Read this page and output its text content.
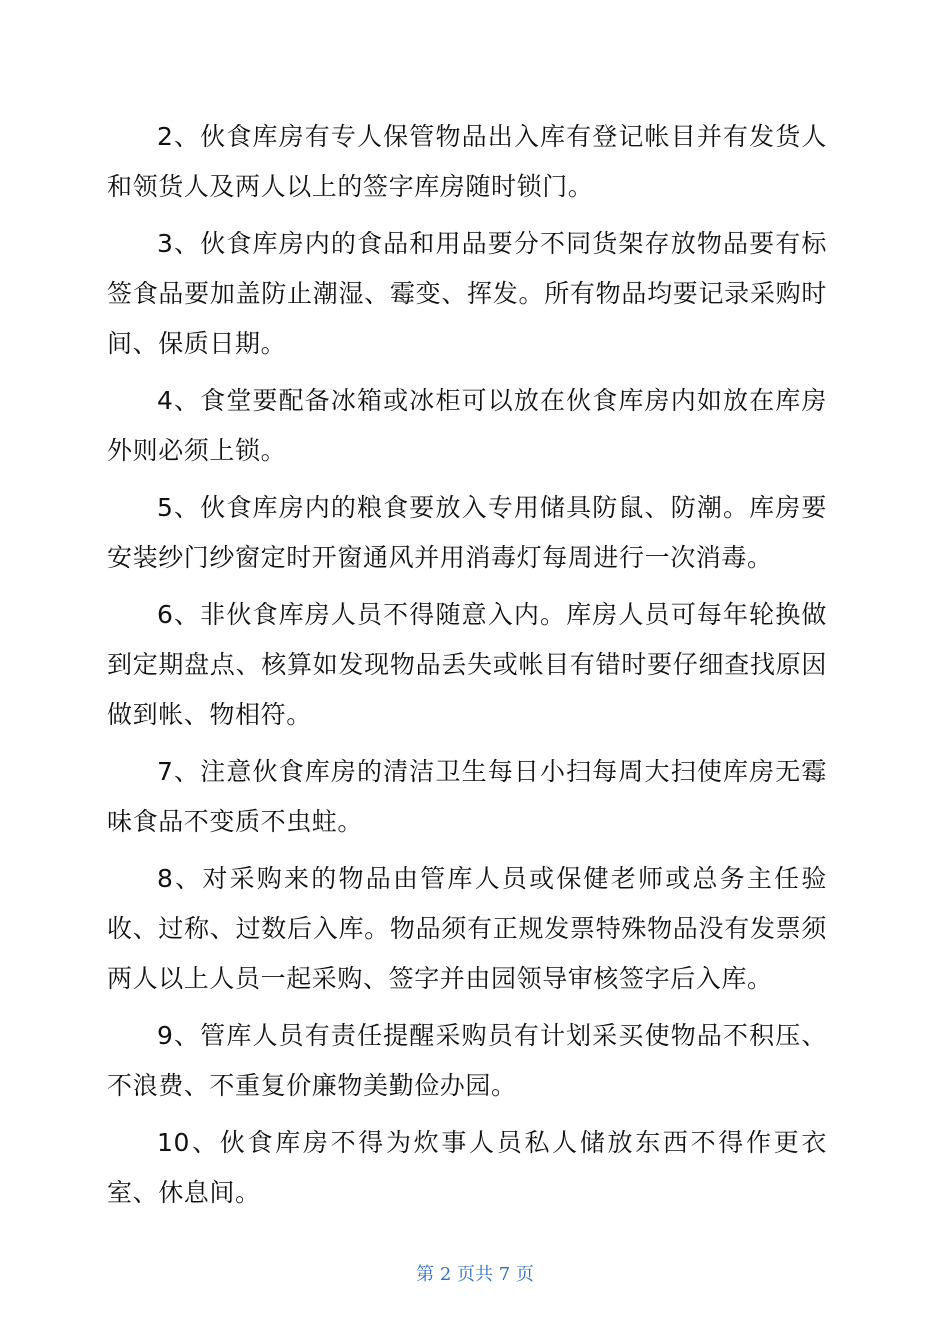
2、伙食库房有专人保管物品出入库有登记帐目并有发货人和领货人及两人以上的签字库房随时锁门。

3、伙食库房内的食品和用品要分不同货架存放物品要有标签食品要加盖防止潮湿、霉变、挥发。所有物品均要记录采购时间、保质日期。

4、食堂要配备冰箱或冰柜可以放在伙食库房内如放在库房外则必须上锁。

5、伙食库房内的粮食要放入专用储具防鼠、防潮。库房要安装纱门纱窗定时开窗通风并用消毒灯每周进行一次消毒。

6、非伙食库房人员不得随意入内。库房人员可每年轮换做到定期盘点、核算如发现物品丢失或帐目有错时要仔细查找原因做到帐、物相符。

7、注意伙食库房的清洁卫生每日小扫每周大扫使库房无霉味食品不变质不虫蛀。

8、对采购来的物品由管库人员或保健老师或总务主任验收、过称、过数后入库。物品须有正规发票特殊物品没有发票须两人以上人员一起采购、签字并由园领导审核签字后入库。

9、管库人员有责任提醒采购员有计划采买使物品不积压、不浪费、不重复价廉物美勤俭办园。

10、伙食库房不得为炊事人员私人储放东西不得作更衣室、休息间。

第 2 页共 7 页
